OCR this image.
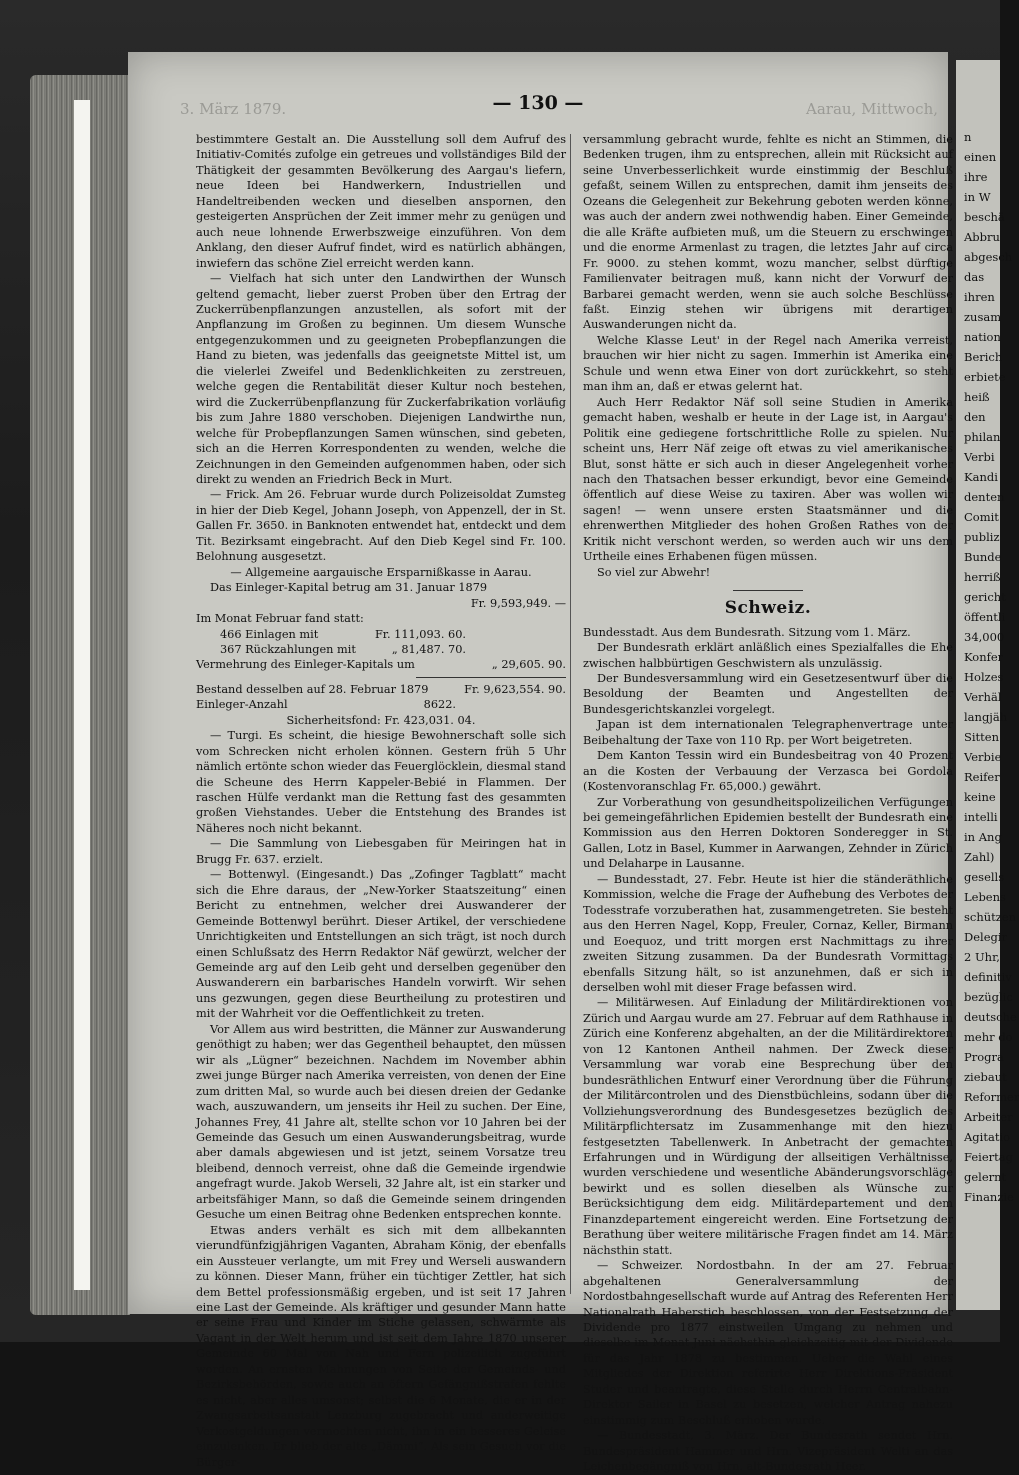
3. März 1879.	— 130 —	Aarau, Mittwoch,

bestimmtere Gestalt an. Die Ausstellung soll dem Aufruf des Initiativ-Comités zufolge ein getreues und vollständiges Bild der Thätigkeit der gesammten Bevölkerung des Aargau's liefern, neue Ideen bei Handwerkern, Industriellen und Handeltreibenden wecken und dieselben anspornen, den gesteigerten Ansprüchen der Zeit immer mehr zu genügen und auch neue lohnende Erwerbszweige einzuführen. Von dem Anklang, den dieser Aufruf findet, wird es natürlich abhängen, inwiefern das schöne Ziel erreicht werden kann.

— Vielfach hat sich unter den Landwirthen der Wunsch geltend gemacht, lieber zuerst Proben über den Ertrag der Zuckerrübenpflanzungen anzustellen, als sofort mit der Anpflanzung im Großen zu beginnen. Um diesem Wunsche entgegenzukommen und zu geeigneten Probepflanzungen die Hand zu bieten, was jedenfalls das geeignetste Mittel ist, um die vielerlei Zweifel und Bedenklichkeiten zu zerstreuen, welche gegen die Rentabilität dieser Kultur noch bestehen, wird die Zuckerrübenpflanzung für Zuckerfabrikation vorläufig bis zum Jahre 1880 verschoben. Diejenigen Landwirthe nun, welche für Probepflanzungen Samen wünschen, sind gebeten, sich an die Herren Korrespondenten zu wenden, welche die Zeichnungen in den Gemeinden aufgenommen haben, oder sich direkt zu wenden an Friedrich Beck in Murt.

— Frick. Am 26. Februar wurde durch Polizeisoldat Zumsteg in hier der Dieb Kegel, Johann Joseph, von Appenzell, der in St. Gallen Fr. 3650. in Banknoten entwendet hat, entdeckt und dem Tit. Bezirksamt eingebracht. Auf den Dieb Kegel sind Fr. 100. Belohnung ausgesetzt.

— Allgemeine aargauische Ersparnißkasse in Aarau.

Das Einleger-Kapital betrug am 31. Januar 1879

Fr. 9,593,949. —

Im Monat Februar fand statt:

466 Einlagen mit	Fr. 111,093. 60.
367 Rückzahlungen mit	„ 81,487. 70.
Vermehrung des Einleger-Kapitals um	„ 29,605. 90.
Bestand desselben auf 28. Februar 1879	Fr. 9,623,554. 90.
Einleger-Anzahl	8622.

Sicherheitsfond: Fr. 423,031. 04.

— Turgi. Es scheint, die hiesige Bewohnerschaft solle sich vom Schrecken nicht erholen können. Gestern früh 5 Uhr nämlich ertönte schon wieder das Feuerglöcklein, diesmal stand die Scheune des Herrn Kappeler-Bebié in Flammen. Der raschen Hülfe verdankt man die Rettung fast des gesammten großen Viehstandes. Ueber die Entstehung des Brandes ist Näheres noch nicht bekannt.

— Die Sammlung von Liebesgaben für Meiringen hat in Brugg Fr. 637. erzielt.

— Bottenwyl. (Eingesandt.) Das „Zofinger Tagblatt“ macht sich die Ehre daraus, der „New-Yorker Staatszeitung“ einen Bericht zu entnehmen, welcher drei Auswanderer der Gemeinde Bottenwyl berührt. Dieser Artikel, der verschiedene Unrichtigkeiten und Entstellungen an sich trägt, ist noch durch einen Schlußsatz des Herrn Redaktor Näf gewürzt, welcher der Gemeinde arg auf den Leib geht und derselben gegenüber den Auswanderern ein barbarisches Handeln vorwirft. Wir sehen uns gezwungen, gegen diese Beurtheilung zu protestiren und mit der Wahrheit vor die Oeffentlichkeit zu treten.

Vor Allem aus wird bestritten, die Männer zur Auswanderung genöthigt zu haben; wer das Gegentheil behauptet, den müssen wir als „Lügner“ bezeichnen. Nachdem im November abhin zwei junge Bürger nach Amerika verreisten, von denen der Eine zum dritten Mal, so wurde auch bei diesen dreien der Gedanke wach, auszuwandern, um jenseits ihr Heil zu suchen. Der Eine, Johannes Frey, 41 Jahre alt, stellte schon vor 10 Jahren bei der Gemeinde das Gesuch um einen Auswanderungsbeitrag, wurde aber damals abgewiesen und ist jetzt, seinem Vorsatze treu bleibend, dennoch verreist, ohne daß die Gemeinde irgendwie angefragt wurde. Jakob Werseli, 32 Jahre alt, ist ein starker und arbeitsfähiger Mann, so daß die Gemeinde seinem dringenden Gesuche um einen Beitrag ohne Bedenken entsprechen konnte.

Etwas anders verhält es sich mit dem allbekannten vierundfünfzigjährigen Vaganten, Abraham König, der ebenfalls ein Aussteuer verlangte, um mit Frey und Werseli auswandern zu können. Dieser Mann, früher ein tüchtiger Zettler, hat sich dem Bettel professionsmäßig ergeben, und ist seit 17 Jahren eine Last der Gemeinde. Als kräftiger und gesunder Mann hatte er seine Frau und Kinder im Stiche gelassen, schwärmte als Vagant in der Welt herum und ist seit dem Jahre 1870 unserer Gemeinde 60 Mal von Nah und Fern polizeilich zugeführt worden. An ernsten Mahnungen von Seite der Gemeinds- und Bezirksbehörden, sowie auch an öftern Gefängnißstrafen fehlte es nicht, aber alles umsonst; selbst die 6 Monate, die er in der Zwangsarbeitsanstalt Lenzburg zugebracht und anderweitige Verkostgeldungen vermochten nicht, ihn in ein besseres Geleise einzulenken. Er blieb der alte „Dämmi“. Als sein Gesuch vor die Bürger-

versammlung gebracht wurde, fehlte es nicht an Stimmen, die Bedenken trugen, ihm zu entsprechen, allein mit Rücksicht auf seine Unverbesserlichkeit wurde einstimmig der Beschluß gefaßt, seinem Willen zu entsprechen, damit ihm jenseits des Ozeans die Gelegenheit zur Bekehrung geboten werden könne, was auch der andern zwei nothwendig haben. Einer Gemeinde, die alle Kräfte aufbieten muß, um die Steuern zu erschwingen und die enorme Armenlast zu tragen, die letztes Jahr auf circa Fr. 9000. zu stehen kommt, wozu mancher, selbst dürftige Familienvater beitragen muß, kann nicht der Vorwurf der Barbarei gemacht werden, wenn sie auch solche Beschlüsse faßt. Einzig stehen wir übrigens mit derartigen Auswanderungen nicht da.

Welche Klasse Leut' in der Regel nach Amerika verreist, brauchen wir hier nicht zu sagen. Immerhin ist Amerika eine Schule und wenn etwa Einer von dort zurückkehrt, so steht man ihm an, daß er etwas gelernt hat.

Auch Herr Redaktor Näf soll seine Studien in Amerika gemacht haben, weshalb er heute in der Lage ist, in Aargau's Politik eine gediegene fortschrittliche Rolle zu spielen. Nur scheint uns, Herr Näf zeige oft etwas zu viel amerikanisches Blut, sonst hätte er sich auch in dieser Angelegenheit vorher nach den Thatsachen besser erkundigt, bevor eine Gemeinde öffentlich auf diese Weise zu taxiren. Aber was wollen wir sagen! — wenn unsere ersten Staatsmänner und die ehrenwerthen Mitglieder des hohen Großen Rathes von der Kritik nicht verschont werden, so werden auch wir uns dem Urtheile eines Erhabenen fügen müssen.

So viel zur Abwehr!

Schweiz.

Bundesstadt. Aus dem Bundesrath. Sitzung vom 1. März.

Der Bundesrath erklärt anläßlich eines Spezialfalles die Ehe zwischen halbbürtigen Geschwistern als unzulässig.

Der Bundesversammlung wird ein Gesetzesentwurf über die Besoldung der Beamten und Angestellten der Bundesgerichtskanzlei vorgelegt.

Japan ist dem internationalen Telegraphenvertrage unter Beibehaltung der Taxe von 110 Rp. per Wort beigetreten.

Dem Kanton Tessin wird ein Bundesbeitrag von 40 Prozent an die Kosten der Verbauung der Verzasca bei Gordola (Kostenvoranschlag Fr. 65,000.) gewährt.

Zur Vorberathung von gesundheitspolizeilichen Verfügungen bei gemeingefährlichen Epidemien bestellt der Bundesrath eine Kommission aus den Herren Doktoren Sonderegger in St. Gallen, Lotz in Basel, Kummer in Aarwangen, Zehnder in Zürich und Delaharpe in Lausanne.

— Bundesstadt, 27. Febr. Heute ist hier die ständeräthliche Kommission, welche die Frage der Aufhebung des Verbotes der Todesstrafe vorzuberathen hat, zusammengetreten. Sie besteht aus den Herren Nagel, Kopp, Freuler, Cornaz, Keller, Birmann und Eoequoz, und tritt morgen erst Nachmittags zu ihrer zweiten Sitzung zusammen. Da der Bundesrath Vormittags ebenfalls Sitzung hält, so ist anzunehmen, daß er sich in derselben wohl mit dieser Frage befassen wird.

— Militärwesen. Auf Einladung der Militärdirektionen von Zürich und Aargau wurde am 27. Februar auf dem Rathhause in Zürich eine Konferenz abgehalten, an der die Militärdirektoren von 12 Kantonen Antheil nahmen. Der Zweck dieser Versammlung war vorab eine Besprechung über den bundesräthlichen Entwurf einer Verordnung über die Führung der Militärcontrolen und des Dienstbüchleins, sodann über die Vollziehungsverordnung des Bundesgesetzes bezüglich des Militärpflichtersatz im Zusammenhange mit den hiezu festgesetzten Tabellenwerk. In Anbetracht der gemachten Erfahrungen und in Würdigung der allseitigen Verhältnisse, wurden verschiedene und wesentliche Abänderungsvorschläge bewirkt und es sollen dieselben als Wünsche zur Berücksichtigung dem eidg. Militärdepartement und dem Finanzdepartement eingereicht werden. Eine Fortsetzung der Berathung über weitere militärische Fragen findet am 14. März nächsthin statt.

— Schweizer. Nordostbahn. In der am 27. Februar abgehaltenen Generalversammlung der Nordostbahngesellschaft wurde auf Antrag des Referenten Herr Nationalrath Haberstich beschlossen, von der Festsetzung der Dividende pro 1877 einstweilen Umgang zu nehmen und dieselbe im Monat Juni nächsthin gleichzeitig mit der Dividende für das Jahr 1878 zu bestimmen. Ueber die Wahl eines Mitgliedes der Direktion referirte Herr Direktions-Präsident Studer und beantragte, diese Stelle durch Herrn Centralbahn-Direktor Sailer in Basel zu besetzen, welcher Antrag nahezu einstimmig zum Beschluß erhoben wurde.

— Bundesstadt, 3. März. Der Bundesrath sendet Hrn. Bundespräsident Hammer und Hrn. Vizepräsident Welti an das Leichenbegängniß von Hrn. alt-Bundesrath Heer.

n
einen
ihre
in W
beschä
Abbru
abgesch
das
ihren
zusam
nation
Berich
erbiete
heiß
den
philan
Verbi
Kandi
denten
Comit
publiz
Bunde
herriß
gericht
öffentli
34,000
Konfer
Holzes
Verhäl
langjäh
Sitten
Verbie
Reifer
keine
intelli
in Ang
Zahl)
gesells
Lebens
schützen
Delegir
2 Uhr,
definitiv
bezüglic
deutsche
mehr do
Progra
ziebaut
Reformer
Arbeiter
Agitatio
Feiertag
gelernt
Finanzie
